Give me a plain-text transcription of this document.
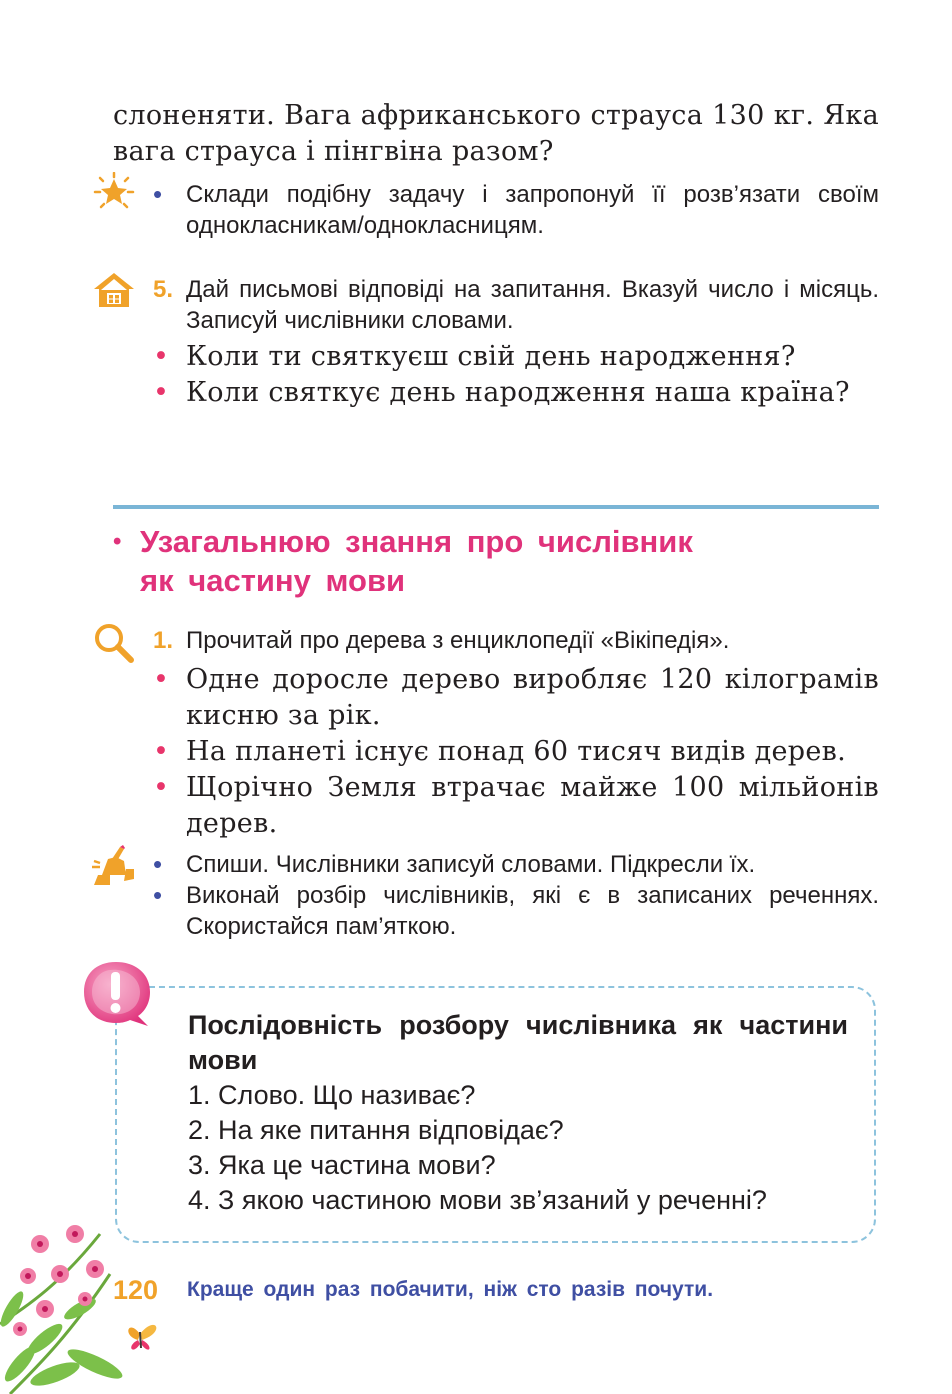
слоненяти. Вага африканського страуса 130 кг. Яка
вага страуса і пінгвіна разом?
• Склади подібну задачу і запропонуй її розв’язати своїм однокласникам/однокласницям.
5. Дай письмові відповіді на запитання. Вказуй число і місяць. Записуй числівники словами.
• Коли ти святкуєш свій день народження?
• Коли святкує день народження наша країна?
• Узагальнюю знання про числівник
як частину мови
1. Прочитай про дерева з енциклопедії «Вікіпедія».
• Одне доросле дерево виробляє 120 кілограмів кисню за рік.
• На планеті існує понад 60 тисяч видів дерев.
• Щорічно Земля втрачає майже 100 мільйонів дерев.
• Спиши. Числівники записуй словами. Підкресли їх.
• Виконай розбір числівників, які є в записаних реченнях. Скористайся пам’яткою.
Послідовність розбору числівника як частини мови
1. Слово. Що називає?
2. На яке питання відповідає?
3. Яка це частина мови?
4. З якою частиною мови зв’язаний у реченні?
120 Краще один раз побачити, ніж сто разів почути.
